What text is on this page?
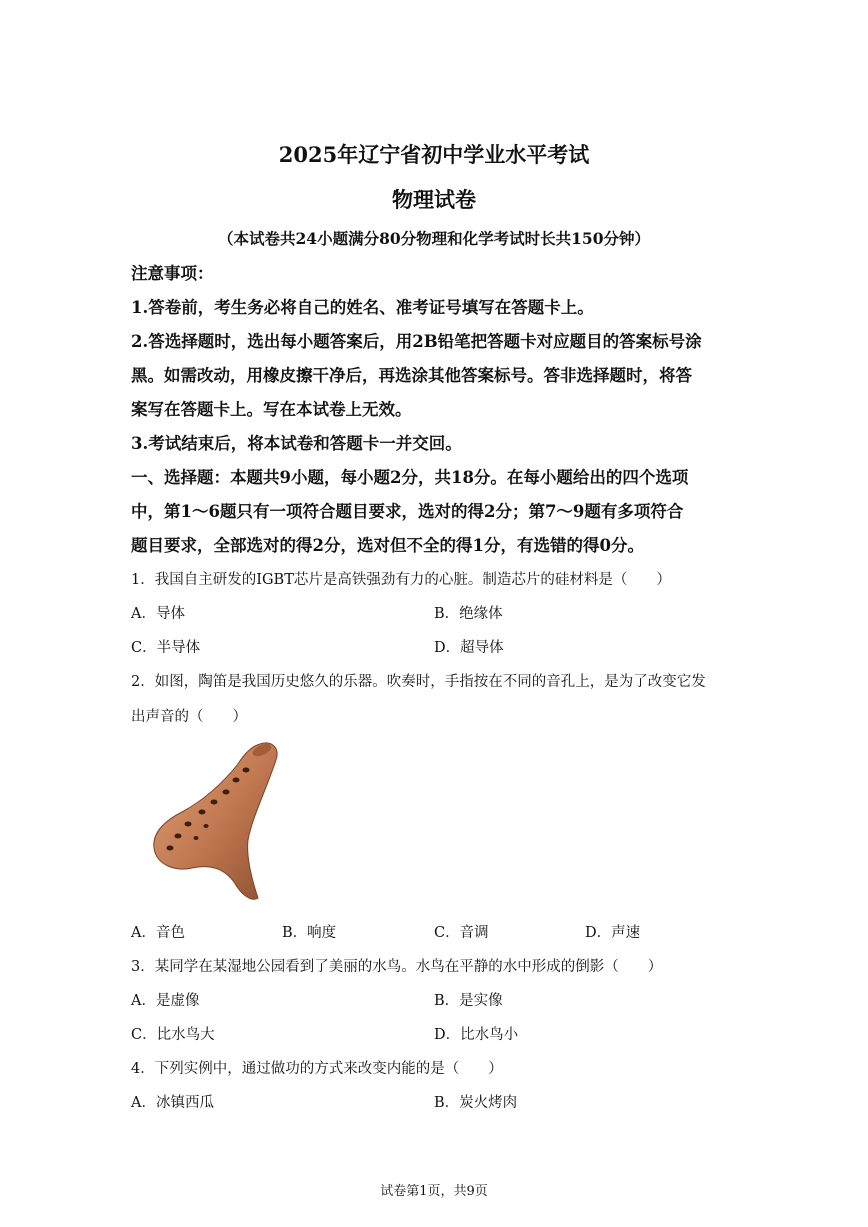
2025年辽宁省初中学业水平考试
物理试卷
（本试卷共24小题满分80分物理和化学考试时长共150分钟）
注意事项：
1.答卷前，考生务必将自己的姓名、准考证号填写在答题卡上。
2.答选择题时，选出每小题答案后，用2B铅笔把答题卡对应题目的答案标号涂
黑。如需改动，用橡皮擦干净后，再选涂其他答案标号。答非选择题时，将答
案写在答题卡上。写在本试卷上无效。
3.考试结束后，将本试卷和答题卡一并交回。
一、选择题：本题共9小题，每小题2分，共18分。在每小题给出的四个选项
中，第1～6题只有一项符合题目要求，选对的得2分；第7～9题有多项符合
题目要求，全部选对的得2分，选对但不全的得1分，有选错的得0分。
1．我国自主研发的IGBT芯片是高铁强劲有力的心脏。制造芯片的硅材料是（　　）
A．导体	B．绝缘体
C．半导体	D．超导体
2．如图，陶笛是我国历史悠久的乐器。吹奏时，手指按在不同的音孔上，是为了改变它发
出声音的（　　）
A．音色	B．响度	C．音调	D．声速
3．某同学在某湿地公园看到了美丽的水鸟。水鸟在平静的水中形成的倒影（　　）
A．是虚像	B．是实像
C．比水鸟大	D．比水鸟小
4．下列实例中，通过做功的方式来改变内能的是（　　）
A．冰镇西瓜	B．炭火烤肉
试卷第1页，共9页
